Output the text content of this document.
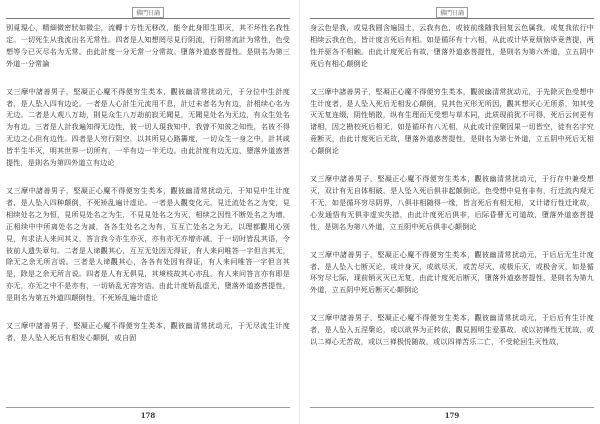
佛門日誦

别覓現心，精細微密狀如微尘，流轉十方性无移改，能令此身即生即灭，其不坏性名我性定。一切死生从我流出名无常性。四者是人知想罔尽見行阴流，行阴常流計为常性，色受想等今已灭尽名为无常。由此計度一分无常一分常故。墮落外道惑菩提性。是則名为第三外道一分常論

又三摩中諸善男子，堅凝正心魔不得便穷生类本，觀彼幽清常扰动元，于分位中生計度者，是人坠入四有边论。一者是人心計生元流用不息，計过未者名为有边，計相续心名为无边。二者是人观八万劫，則見众生八万劫前寂无聞見，无聞見处名为无边，有众生处名为有边。三者是人計我遍知得无边性，彼一切人現我知中，我曾不知彼之知性，名彼不得无边之心但有边性。四者是人穷行阴空，以其所見心路籌度，一切众生一身之中，計其咸皆半生半灭，明其世界一切所有，一半有边一半无边。由此計度有边无边，墮落外道惑菩提性，是則名为第四外道立有边论

又三摩中諸善男子，堅凝正心魔不得便穷生类本，觀彼幽清常扰动元，于知見中生计度者，是人坠入四种颠倒，不死矫乱遍计虚论。一者是人觀变化元，見迁流处名之为变，見相续处名之为恒，見所見处名之为生，不見見处名之为灭，相续之因性不断处名之为增，正相续中中所离处名之为减，各各生处名之为有，互互亡处名之为无，以理都觀用心別見，有求法人来问其义，答言我今亦生亦灭，亦有亦无亦增亦减，于一切时皆乱其语，令彼前人遗失章句。二者是人谛觀其心，互互无处因无得证，有人来问唯答一字但言其无，除无之余无所言说。三者是人谛觀其心，各各有处因有得证，有人来问唯答一字但言其是，除是之余无所言说。四者是人有无俱見，其境枝故其心亦乱，有人来问答言亦有即是亦无，亦无之中不是亦有，一切矫乱无容穷诘。由此计度矫乱虚无，墮落外道惑菩提性，是則名为第五外道四颠倒性，不死矫乱遍计虚论

又三摩中諸善男子，堅凝正心魔不得便穷生类本，觀彼幽清常扰动元，于无尽流生计度者，是人坠入死后有相发心颠倒，或自固

178
佛門日誦

身云色是我，或見我圆含遍国土，云我有色，或彼前缘随我回复云色属我，或复我依行中相续云我在色，皆计度言死后有相。如是循环有十六相，从此或计毕竟烦恼毕竟菩提，两性并驱各不相触。由此计度死后有故，墮落外道惑菩提性，是則名为第六外道，立五阴中死后有相心颠倒论

又三摩中諸善男子，堅凝正心魔不得便穷生类本，觀彼幽清常扰动元，于先除灭色受想中生计度者，是人坠入死后无相发心颠倒，見其色灭形无所因，觀其想灭心无所系，知其受灭无复连缀，阴性销散，纵有生理而无受想与草木同，此质现前犹不可得，死后云何更有诸相，因之勘校死后相无，如是循环有八无相，从此或计涅槃因果一切皆空，徒有名字究竟断灭，由此计度死后无故，墮落外道惑菩提性，是則名为第七外道，立五阴中死后无相心颠倒论

又三摩中諸善男子，堅凝正心魔不得便穷生类本，觀彼幽清常扰动元，于行存中兼受想灭，双计有无自体相破，是人坠入死后俱非起颠倒论。色受想中見有非有，行迁流内观无不无，如是循环穷尽阴界，八俱非相随得一缘，皆言死后有相无相，又计诸行性迁讹故，心发通悟有无俱非虚实失措，由此计度死后俱非，后际昏瞢无可道故，墮落外道惑菩提性，是則名为第八外道，立五阴中死后俱非心颠倒论

又三摩中諸善男子，堅凝正心魔不得便穷生类本，觀彼幽清常扰动元，于后后无生计度者，是人坠入七断灭论，或计身灭，或欲尽灭，或苦尽灭，或极乐灭，或极舍灭，如是循环穷尽七际，现前销灭灭已无复，由此计度死后断灭，墮落外道惑菩提性，是則名为第九外道，立五阴中死后断灭心颠倒论

又三摩中諸善男子，堅凝正心魔不得便穷生类本，觀彼幽清常扰动元，于后后有生计度者，是人坠入五涅槃论，或以欲界为正转依，觀見圆明生爱慕故，或以初禅性无忧故，或以二禅心无苦故，或以三禅极悦随故，或以四禅苦乐二亡，不受轮回生灭性故，

179
